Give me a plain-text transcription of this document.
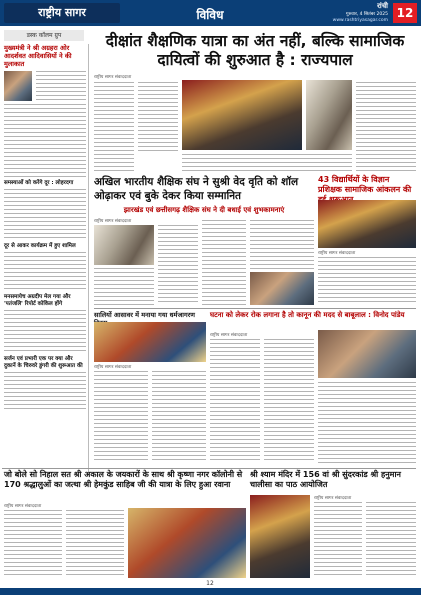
राष्ट्रीय सागर	विविध
रांची
गुरुवार, 4 सितंबर 2025
www.rashtriyasagar.com
12
डस्क कॉलम ग्रुप
मुख्यमंत्री ने श्री अग्रहरा ओर आदर्शवत आदिवासियों ने की मुलाकात
समस्याओं को करेंगे दूर : लोहरदगा
दूर से आकर कार्यक्रम में हुए शामिल
मनसमायेच अग्रदीप मेल गया और 'पतंजलि' रिपोर्ट कोकिल होंगे
सर्जन एवं प्रभारी एक पर क्या और दुकानें के चिरुवरे डुंगरी की शुरूआत की
दीक्षांत शैक्षणिक यात्रा का अंत नहीं, बल्कि सामाजिक दायित्वों की शुरुआत है : राज्यपाल
राष्ट्रीय सागर संवाददाता
अखिल भारतीय शैक्षिक संघ ने सुश्री वेद वृति को शॉल ओढ़ाकर एवं बुके देकर किया सम्मानित
झारखंड एवं छत्तीसगढ़ शैक्षिक संघ ने दी बधाई एवं शुभकामनाएं
राष्ट्रीय सागर संवाददाता
43 विद्यार्थियों के विज्ञान प्रशिक्षक सामाजिक आंकलन की
राष्ट्रीय सागर संवाददाता
सालियों आसावर में मनाया गया धर्मजागरण
राष्ट्रीय सागर संवाददाता
घटना को लेकर रोक लगाना है तो कानून की मदद से बाबूलाल : विनोद पांडेय
राष्ट्रीय सागर संवाददाता
जो बोले सो निहाल सत श्री अकाल के जयकारों के साथ श्री कृष्णा नगर कॉलोनी से 170 श्रद्धालुओं का जत्था श्री हेमकुंड साहिब जी की यात्रा के लिए हुआ रवाना
राष्ट्रीय सागर संवाददाता
श्री श्याम मंदिर में 156 वां श्री सुंदरकांड श्री हनुमान चालीसा का पाठ आयोजित
राष्ट्रीय सागर संवाददाता
12
